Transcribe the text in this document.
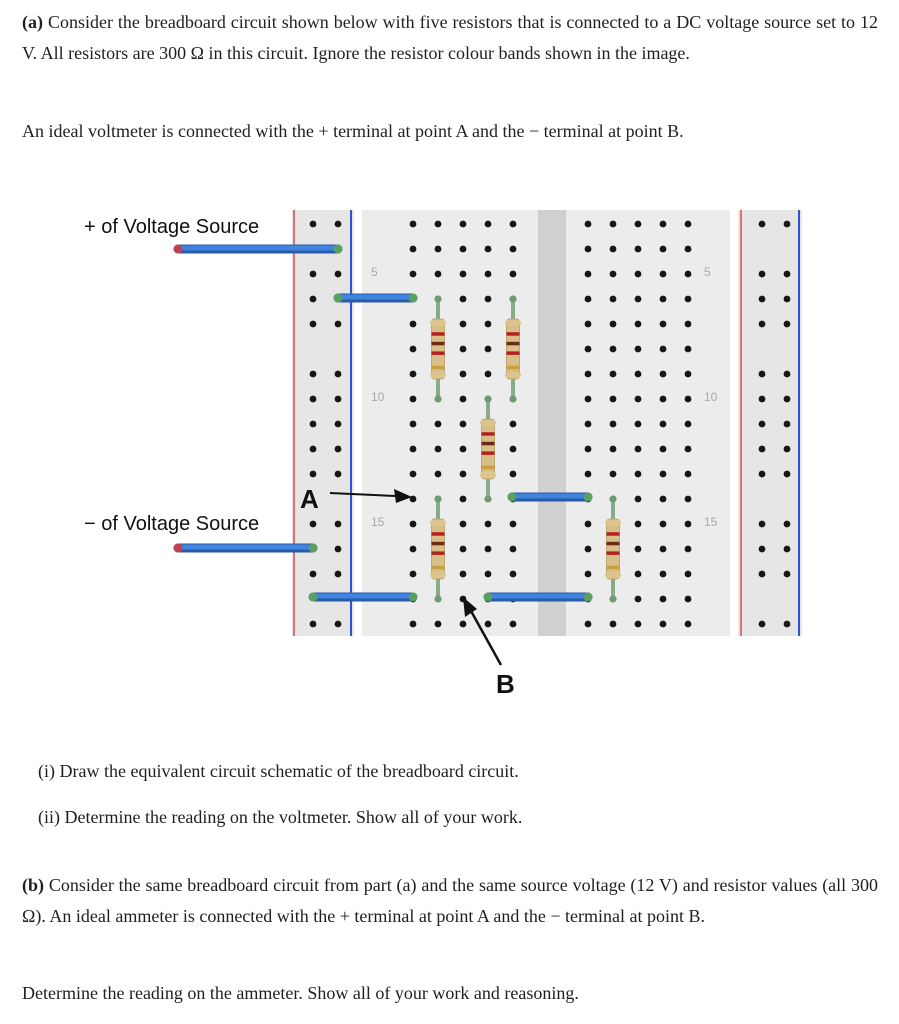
(a) Consider the breadboard circuit shown below with five resistors that is connected to a DC voltage source set to 12 V. All resistors are 300 Ω in this circuit. Ignore the resistor colour bands shown in the image.

An ideal voltmeter is connected with the + terminal at point A and the − terminal at point B.

5
10
15
5
10
15
+ of Voltage Source
− of Voltage Source
A
B

(i) Draw the equivalent circuit schematic of the breadboard circuit.

(ii) Determine the reading on the voltmeter. Show all of your work.

(b) Consider the same breadboard circuit from part (a) and the same source voltage (12 V) and resistor values (all 300 Ω). An ideal ammeter is connected with the + terminal at point A and the − terminal at point B.

Determine the reading on the ammeter. Show all of your work and reasoning.
